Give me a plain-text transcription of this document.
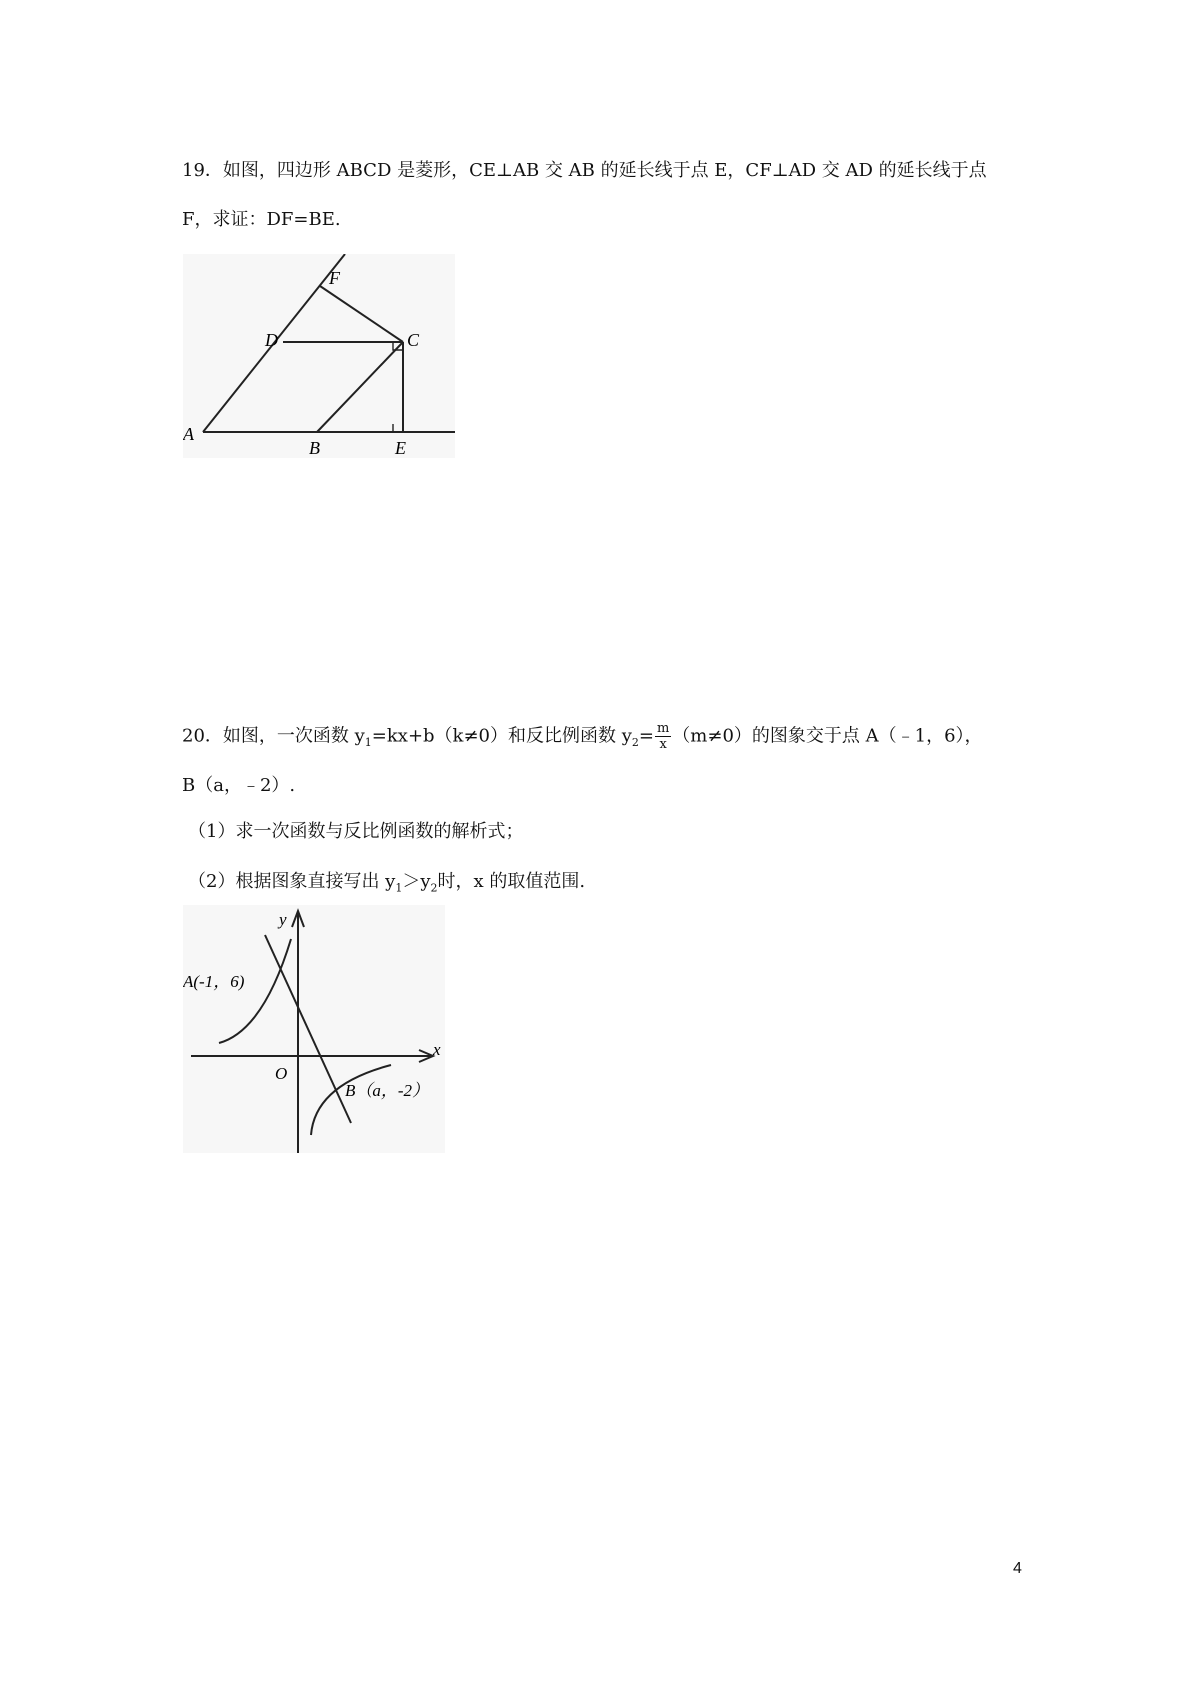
19．如图，四边形 ABCD 是菱形，CE⊥AB 交 AB 的延长线于点 E，CF⊥AD 交 AD 的延长线于点
F，求证：DF=BE.
F
D	C
A
B	E
20．如图，一次函数 $y_1=kx+b(k\ne 0)$和反比例函数 $y_2= \frac{m}{x} (m\ne 0)$的图象交于点 A（﹣1，6），
B（a，﹣2）.
（1）求一次函数与反比例函数的解析式；
（2）根据图象直接写出 $y_1>y_2$时，x 的取值范围.
y
x
O
A(-1，6)
B（a，-2）
4
